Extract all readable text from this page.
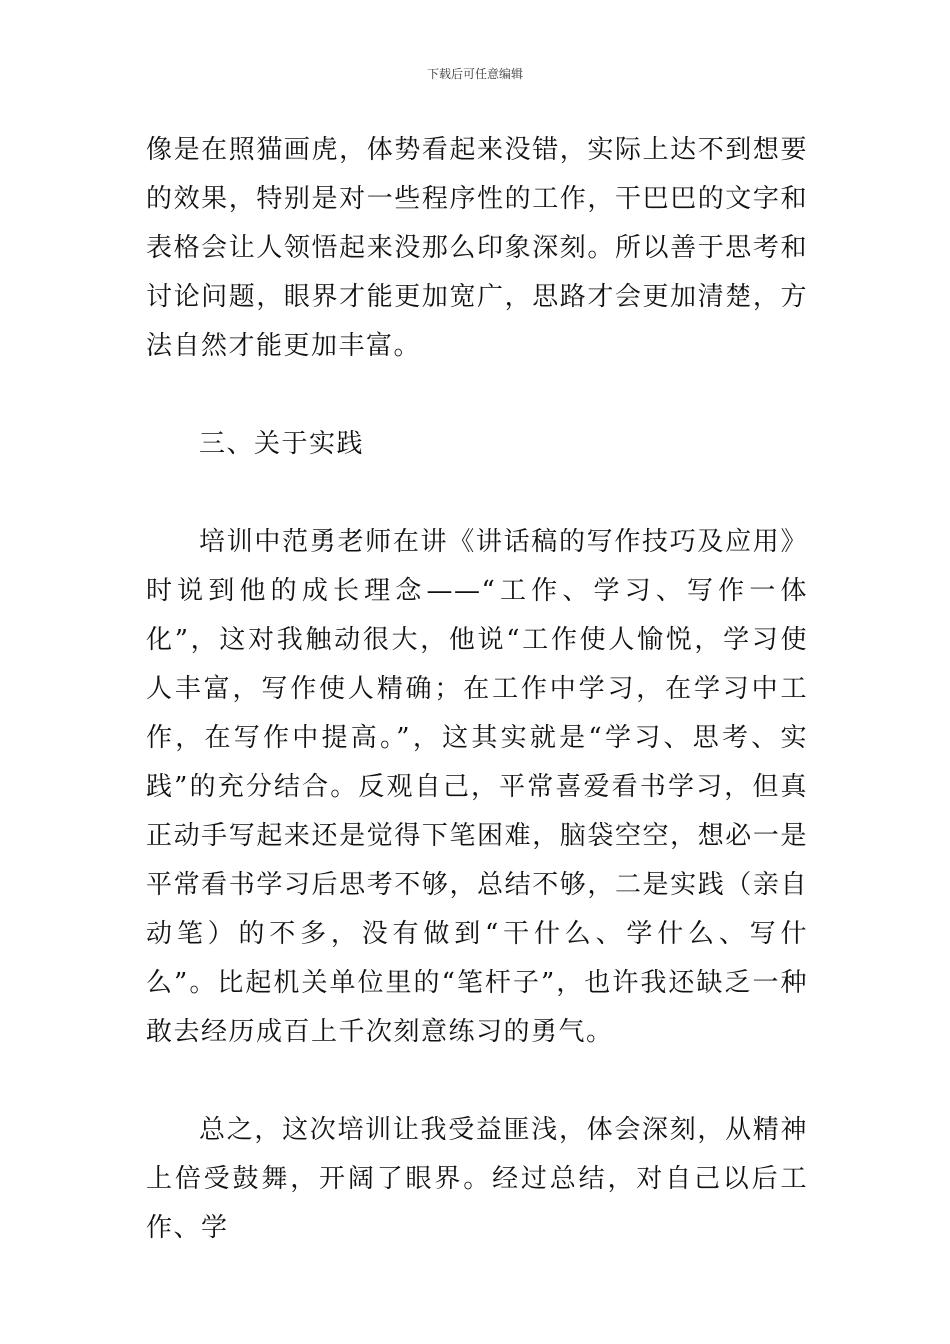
下载后可任意编辑

像是在照猫画虎，体势看起来没错，实际上达不到想要的效果，特别是对一些程序性的工作，干巴巴的文字和表格会让人领悟起来没那么印象深刻。所以善于思考和讨论问题，眼界才能更加宽广，思路才会更加清楚，方法自然才能更加丰富。

三、关于实践

培训中范勇老师在讲《讲话稿的写作技巧及应用》时说到他的成长理念——“工作、学习、写作一体化”，这对我触动很大，他说“工作使人愉悦，学习使人丰富，写作使人精确；在工作中学习，在学习中工作，在写作中提高。”，这其实就是“学习、思考、实践”的充分结合。反观自己，平常喜爱看书学习，但真正动手写起来还是觉得下笔困难，脑袋空空，想必一是平常看书学习后思考不够，总结不够，二是实践（亲自动笔）的不多，没有做到“干什么、学什么、写什么”。比起机关单位里的“笔杆子”，也许我还缺乏一种敢去经历成百上千次刻意练习的勇气。

总之，这次培训让我受益匪浅，体会深刻，从精神上倍受鼓舞，开阔了眼界。经过总结，对自己以后工作、学
